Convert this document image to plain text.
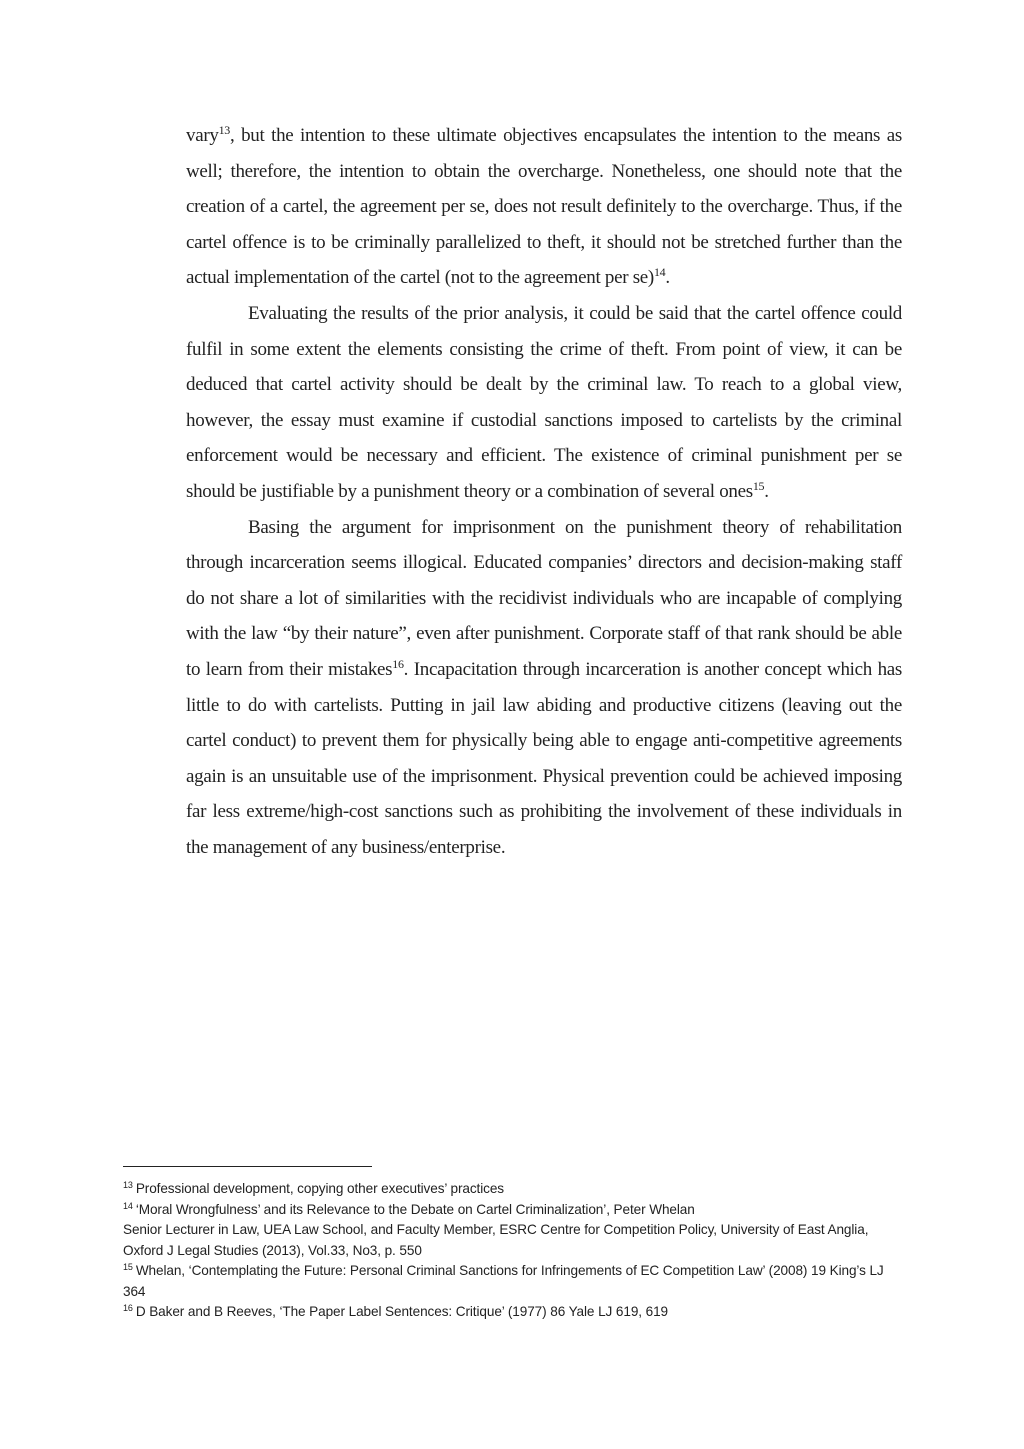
vary$^{13}$, but the intention to these ultimate objectives encapsulates the intention to the means as well; therefore, the intention to obtain the overcharge. Nonetheless, one should note that the creation of a cartel, the agreement per se, does not result definitely to the overcharge. Thus, if the cartel offence is to be criminally parallelized to theft, it should not be stretched further than the actual implementation of the cartel (not to the agreement per se)$^{14}$.

Evaluating the results of the prior analysis, it could be said that the cartel offence could fulfil in some extent the elements consisting the crime of theft. From point of view, it can be deduced that cartel activity should be dealt by the criminal law. To reach to a global view, however, the essay must examine if custodial sanctions imposed to cartelists by the criminal enforcement would be necessary and efficient. The existence of criminal punishment per se should be justifiable by a punishment theory or a combination of several ones$^{15}$.

Basing the argument for imprisonment on the punishment theory of rehabilitation through incarceration seems illogical. Educated companies’ directors and decision-making staff do not share a lot of similarities with the recidivist individuals who are incapable of complying with the law “by their nature”, even after punishment. Corporate staff of that rank should be able to learn from their mistakes$^{16}$. Incapacitation through incarceration is another concept which has little to do with cartelists. Putting in jail law abiding and productive citizens (leaving out the cartel conduct) to prevent them for physically being able to engage anti-competitive agreements again is an unsuitable use of the imprisonment. Physical prevention could be achieved imposing far less extreme/high-cost sanctions such as prohibiting the involvement of these individuals in the management of any business/enterprise.

$^{13}$ Professional development, copying other executives’ practices

$^{14}$ ‘Moral Wrongfulness’ and its Relevance to the Debate on Cartel Criminalization’, Peter Whelan
Senior Lecturer in Law, UEA Law School, and Faculty Member, ESRC Centre for Competition Policy, University of East Anglia, Oxford J Legal Studies (2013), Vol.33, No3, p. 550

$^{15}$ Whelan, ‘Contemplating the Future: Personal Criminal Sanctions for Infringements of EC Competition Law’ (2008) 19 King’s LJ 364

$^{16}$ D Baker and B Reeves, ‘The Paper Label Sentences: Critique’ (1977) 86 Yale LJ 619, 619
